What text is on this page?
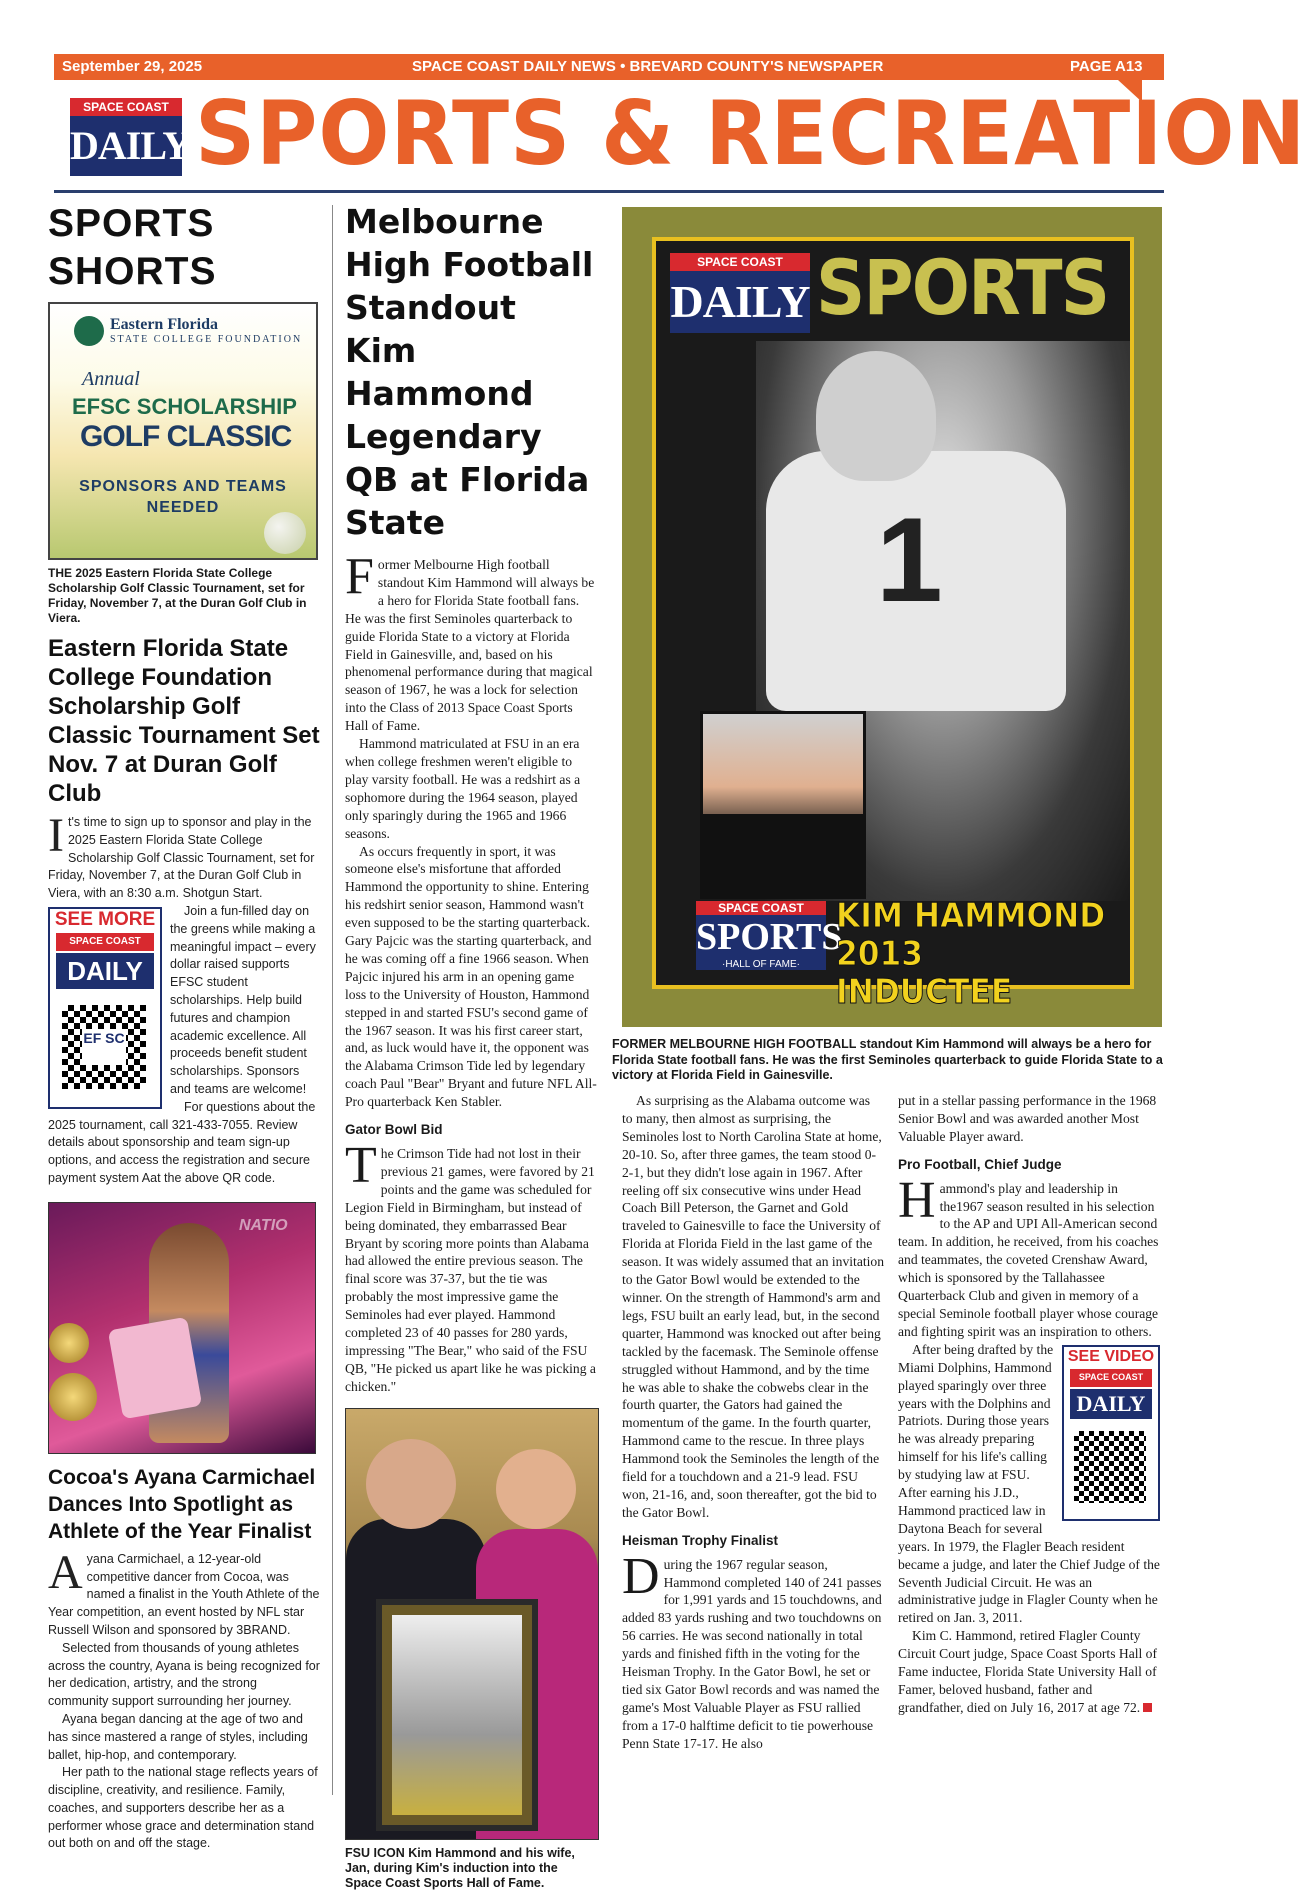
September 29, 2025	SPACE COAST DAILY NEWS • BREVARD COUNTY'S NEWSPAPER	PAGE A13
SPACE COAST
DAILY SPORTS & RECREATION
SPORTS SHORTS
Eastern Florida
STATE COLLEGE FOUNDATION
Annual
EFSC SCHOLARSHIP
GOLF CLASSIC
SPONSORS AND TEAMS
NEEDED
THE 2025 Eastern Florida State College Scholarship Golf Classic Tournament, set for Friday, November 7, at the Duran Golf Club in Viera.
Eastern Florida State College Foundation Scholarship Golf Classic Tournament Set Nov. 7 at Duran Golf Club
I t's time to sign up to sponsor and play in the 2025 Eastern Florida State College Scholarship Golf Classic Tournament, set for Friday, November 7, at the Duran Golf Club in Viera, with an 8:30 a.m. Shotgun Start.

SEE MORE
SPACE COAST
DAILY
EF SC

Join a fun-filled day on the greens while making a meaningful impact – every dollar raised supports EFSC student scholarships. Help build futures and champion academic excellence. All proceeds benefit student scholarships. Sponsors and teams are welcome!

For questions about the 2025 tournament, call 321-433-7055. Review details about sponsorship and team sign-up options, and access the registration and secure payment system Aat the above QR code.

NATIO
Cocoa's Ayana Carmichael Dances Into Spotlight as Athlete of the Year Finalist
A yana Carmichael, a 12-year-old competitive dancer from Cocoa, was named a finalist in the Youth Athlete of the Year competition, an event hosted by NFL star Russell Wilson and sponsored by 3BRAND.

Selected from thousands of young athletes across the country, Ayana is being recognized for her dedication, artistry, and the strong community support surrounding her journey.

Ayana began dancing at the age of two and has since mastered a range of styles, including ballet, hip-hop, and contemporary.

Her path to the national stage reflects years of discipline, creativity, and resilience. Family, coaches, and supporters describe her as a performer whose grace and determination stand out both on and off the stage.

Melbourne High Football Standout Kim Hammond Legendary QB at Florida State
F ormer Melbourne High football standout Kim Hammond will always be a hero for Florida State football fans. He was the first Seminoles quarterback to guide Florida State to a victory at Florida Field in Gainesville, and, based on his phenomenal performance during that magical season of 1967, he was a lock for selection into the Class of 2013 Space Coast Sports Hall of Fame.

Hammond matriculated at FSU in an era when college freshmen weren't eligible to play varsity football. He was a redshirt as a sophomore during the 1964 season, played only sparingly during the 1965 and 1966 seasons.

As occurs frequently in sport, it was someone else's misfortune that afforded Hammond the opportunity to shine. Entering his redshirt senior season, Hammond wasn't even supposed to be the starting quarterback. Gary Pajcic was the starting quarterback, and he was coming off a fine 1966 season. When Pajcic injured his arm in an opening game loss to the University of Houston, Hammond stepped in and started FSU's second game of the 1967 season. It was his first career start, and, as luck would have it, the opponent was the Alabama Crimson Tide led by legendary coach Paul "Bear" Bryant and future NFL All-Pro quarterback Ken Stabler.

Gator Bowl Bid
T he Crimson Tide had not lost in their previous 21 games, were favored by 21 points and the game was scheduled for Legion Field in Birmingham, but instead of being dominated, they embarrassed Bear Bryant by scoring more points than Alabama had allowed the entire previous season. The final score was 37-37, but the tie was probably the most impressive game the Seminoles had ever played. Hammond completed 23 of 40 passes for 280 yards, impressing "The Bear," who said of the FSU QB, "He picked us apart like he was picking a chicken."

FSU ICON Kim Hammond and his wife, Jan, during Kim's induction into the Space Coast Sports Hall of Fame.
1
SPACE COAST
DAILY SPORTS
SPACE COAST
SPORTS
·HALL OF FAME·
KIM HAMMOND
2013 INDUCTEE
FORMER MELBOURNE HIGH FOOTBALL standout Kim Hammond will always be a hero for Florida State football fans. He was the first Seminoles quarterback to guide Florida State to a victory at Florida Field in Gainesville.

As surprising as the Alabama outcome was to many, then almost as surprising, the Seminoles lost to North Carolina State at home, 20-10. So, after three games, the team stood 0-2-1, but they didn't lose again in 1967. After reeling off six consecutive wins under Head Coach Bill Peterson, the Garnet and Gold traveled to Gainesville to face the University of Florida at Florida Field in the last game of the season. It was widely assumed that an invitation to the Gator Bowl would be extended to the winner. On the strength of Hammond's arm and legs, FSU built an early lead, but, in the second quarter, Hammond was knocked out after being tackled by the facemask. The Seminole offense struggled without Hammond, and by the time he was able to shake the cobwebs clear in the fourth quarter, the Gators had gained the momentum of the game. In the fourth quarter, Hammond came to the rescue. In three plays Hammond took the Seminoles the length of the field for a touchdown and a 21-9 lead. FSU won, 21-16, and, soon thereafter, got the bid to the Gator Bowl.

Heisman Trophy Finalist
D uring the 1967 regular season, Hammond completed 140 of 241 passes for 1,991 yards and 15 touchdowns, and added 83 yards rushing and two touchdowns on 56 carries. He was second nationally in total yards and finished fifth in the voting for the Heisman Trophy. In the Gator Bowl, he set or tied six Gator Bowl records and was named the game's Most Valuable Player as FSU rallied from a 17-0 halftime deficit to tie powerhouse Penn State 17-17. He also

put in a stellar passing performance in the 1968 Senior Bowl and was awarded another Most Valuable Player award.

Pro Football, Chief Judge
H ammond's play and leadership in the1967 season resulted in his selection to the AP and UPI All-American second team. In addition, he received, from his coaches and teammates, the coveted Crenshaw Award, which is sponsored by the Tallahassee Quarterback Club and given in memory of a special Seminole football player whose courage and fighting spirit was an inspiration to others.

SEE VIDEO
SPACE COAST
DAILY

After being drafted by the Miami Dolphins, Hammond played sparingly over three years with the Dolphins and Patriots. During those years he was already preparing himself for his life's calling by studying law at FSU. After earning his J.D., Hammond practiced law in Daytona Beach for several years. In 1979, the Flagler Beach resident became a judge, and later the Chief Judge of the Seventh Judicial Circuit. He was an administrative judge in Flagler County when he retired on Jan. 3, 2011.

Kim C. Hammond, retired Flagler County Circuit Court judge, Space Coast Sports Hall of Fame inductee, Florida State University Hall of Famer, beloved husband, father and grandfather, died on July 16, 2017 at age 72.
